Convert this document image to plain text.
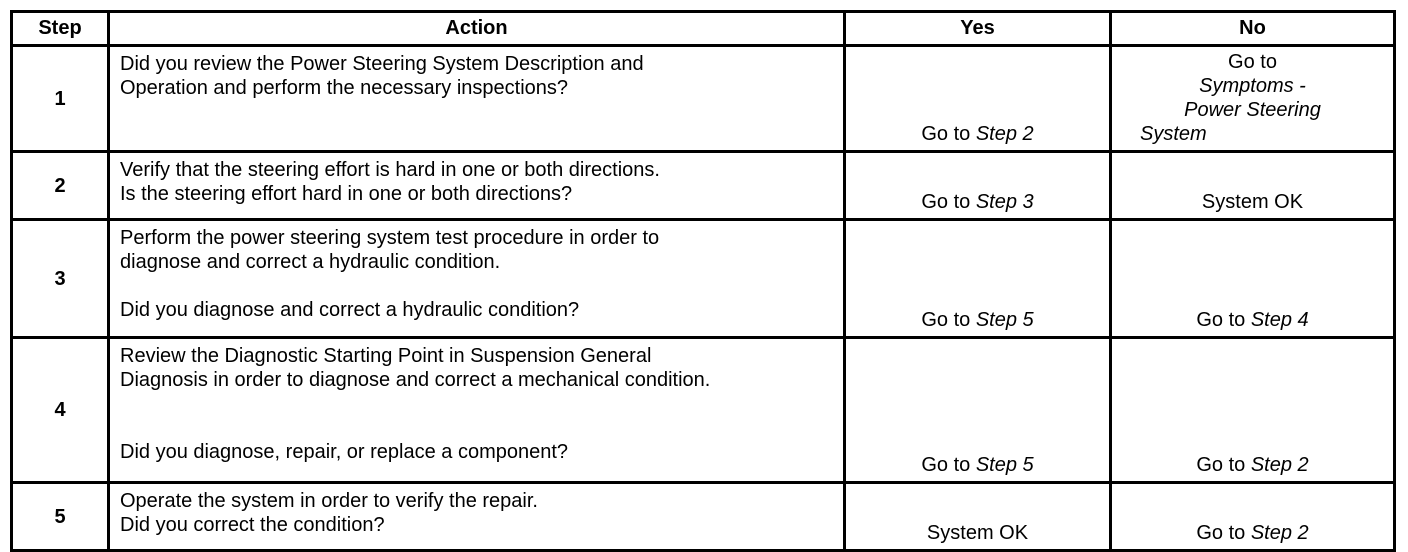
Step	Action	Yes	No
1	Did you review the Power Steering System Description and
Operation and perform the necessary inspections?	Go to Step 2	Go to
Symptoms -
Power Steering
System

2	Verify that the steering effort is hard in one or both directions.
Is the steering effort hard in one or both directions?	Go to Step 3	System OK
3	Perform the power steering system test procedure in order to
diagnose and correct a hydraulic condition.
Did you diagnose and correct a hydraulic condition?	Go to Step 5	Go to Step 4
4	Review the Diagnostic Starting Point in Suspension General
Diagnosis in order to diagnose and correct a mechanical condition.
Did you diagnose, repair, or replace a component?	Go to Step 5	Go to Step 2
5	Operate the system in order to verify the repair.
Did you correct the condition?	System OK	Go to Step 2
